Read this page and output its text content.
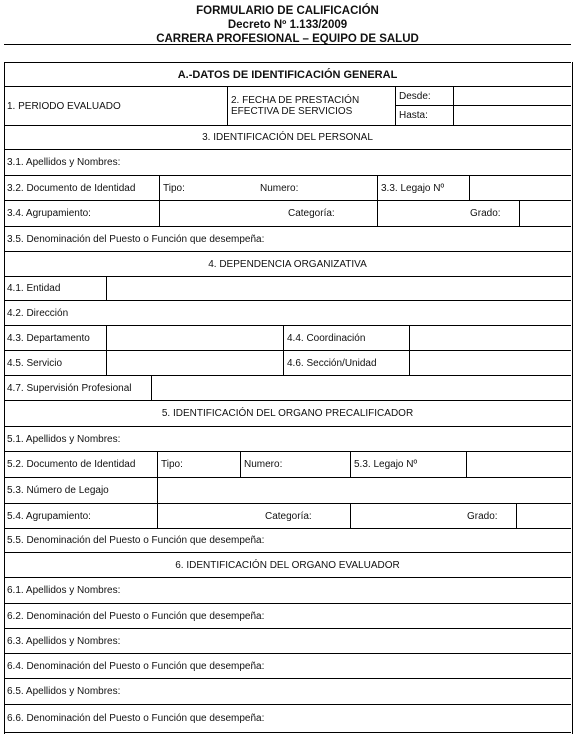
FORMULARIO DE CALIFICACIÓN
Decreto Nº 1.133/2009
CARRERA PROFESIONAL – EQUIPO DE SALUD
A.-DATOS DE IDENTIFICACIÓN GENERAL
1. PERIODO EVALUADO	2. FECHA DE PRESTACIÓN
EFECTIVA DE SERVICIOS
Desde:
Hasta:
3. IDENTIFICACIÓN DEL PERSONAL
3.1. Apellidos y Nombres:
3.2. Documento de Identidad	Tipo:	Numero:	3.3. Legajo Nº
3.4. Agrupamiento:	Categoría:	Grado:
3.5. Denominación del Puesto o Función que desempeña:
4. DEPENDENCIA ORGANIZATIVA
4.1. Entidad
4.2. Dirección
4.3. Departamento	4.4. Coordinación
4.5. Servicio	4.6. Sección/Unidad
4.7. Supervisión Profesional
5. IDENTIFICACIÓN DEL ORGANO PRECALIFICADOR
5.1. Apellidos y Nombres:
5.2. Documento de Identidad	Tipo:	Numero:	5.3. Legajo Nº
5.3. Número de Legajo
5.4. Agrupamiento:	Categoría:	Grado:
5.5. Denominación del Puesto o Función que desempeña:
6. IDENTIFICACIÓN DEL ORGANO EVALUADOR
6.1. Apellidos y Nombres:
6.2. Denominación del Puesto o Función que desempeña:
6.3. Apellidos y Nombres:
6.4. Denominación del Puesto o Función que desempeña:
6.5. Apellidos y Nombres:
6.6. Denominación del Puesto o Función que desempeña:
